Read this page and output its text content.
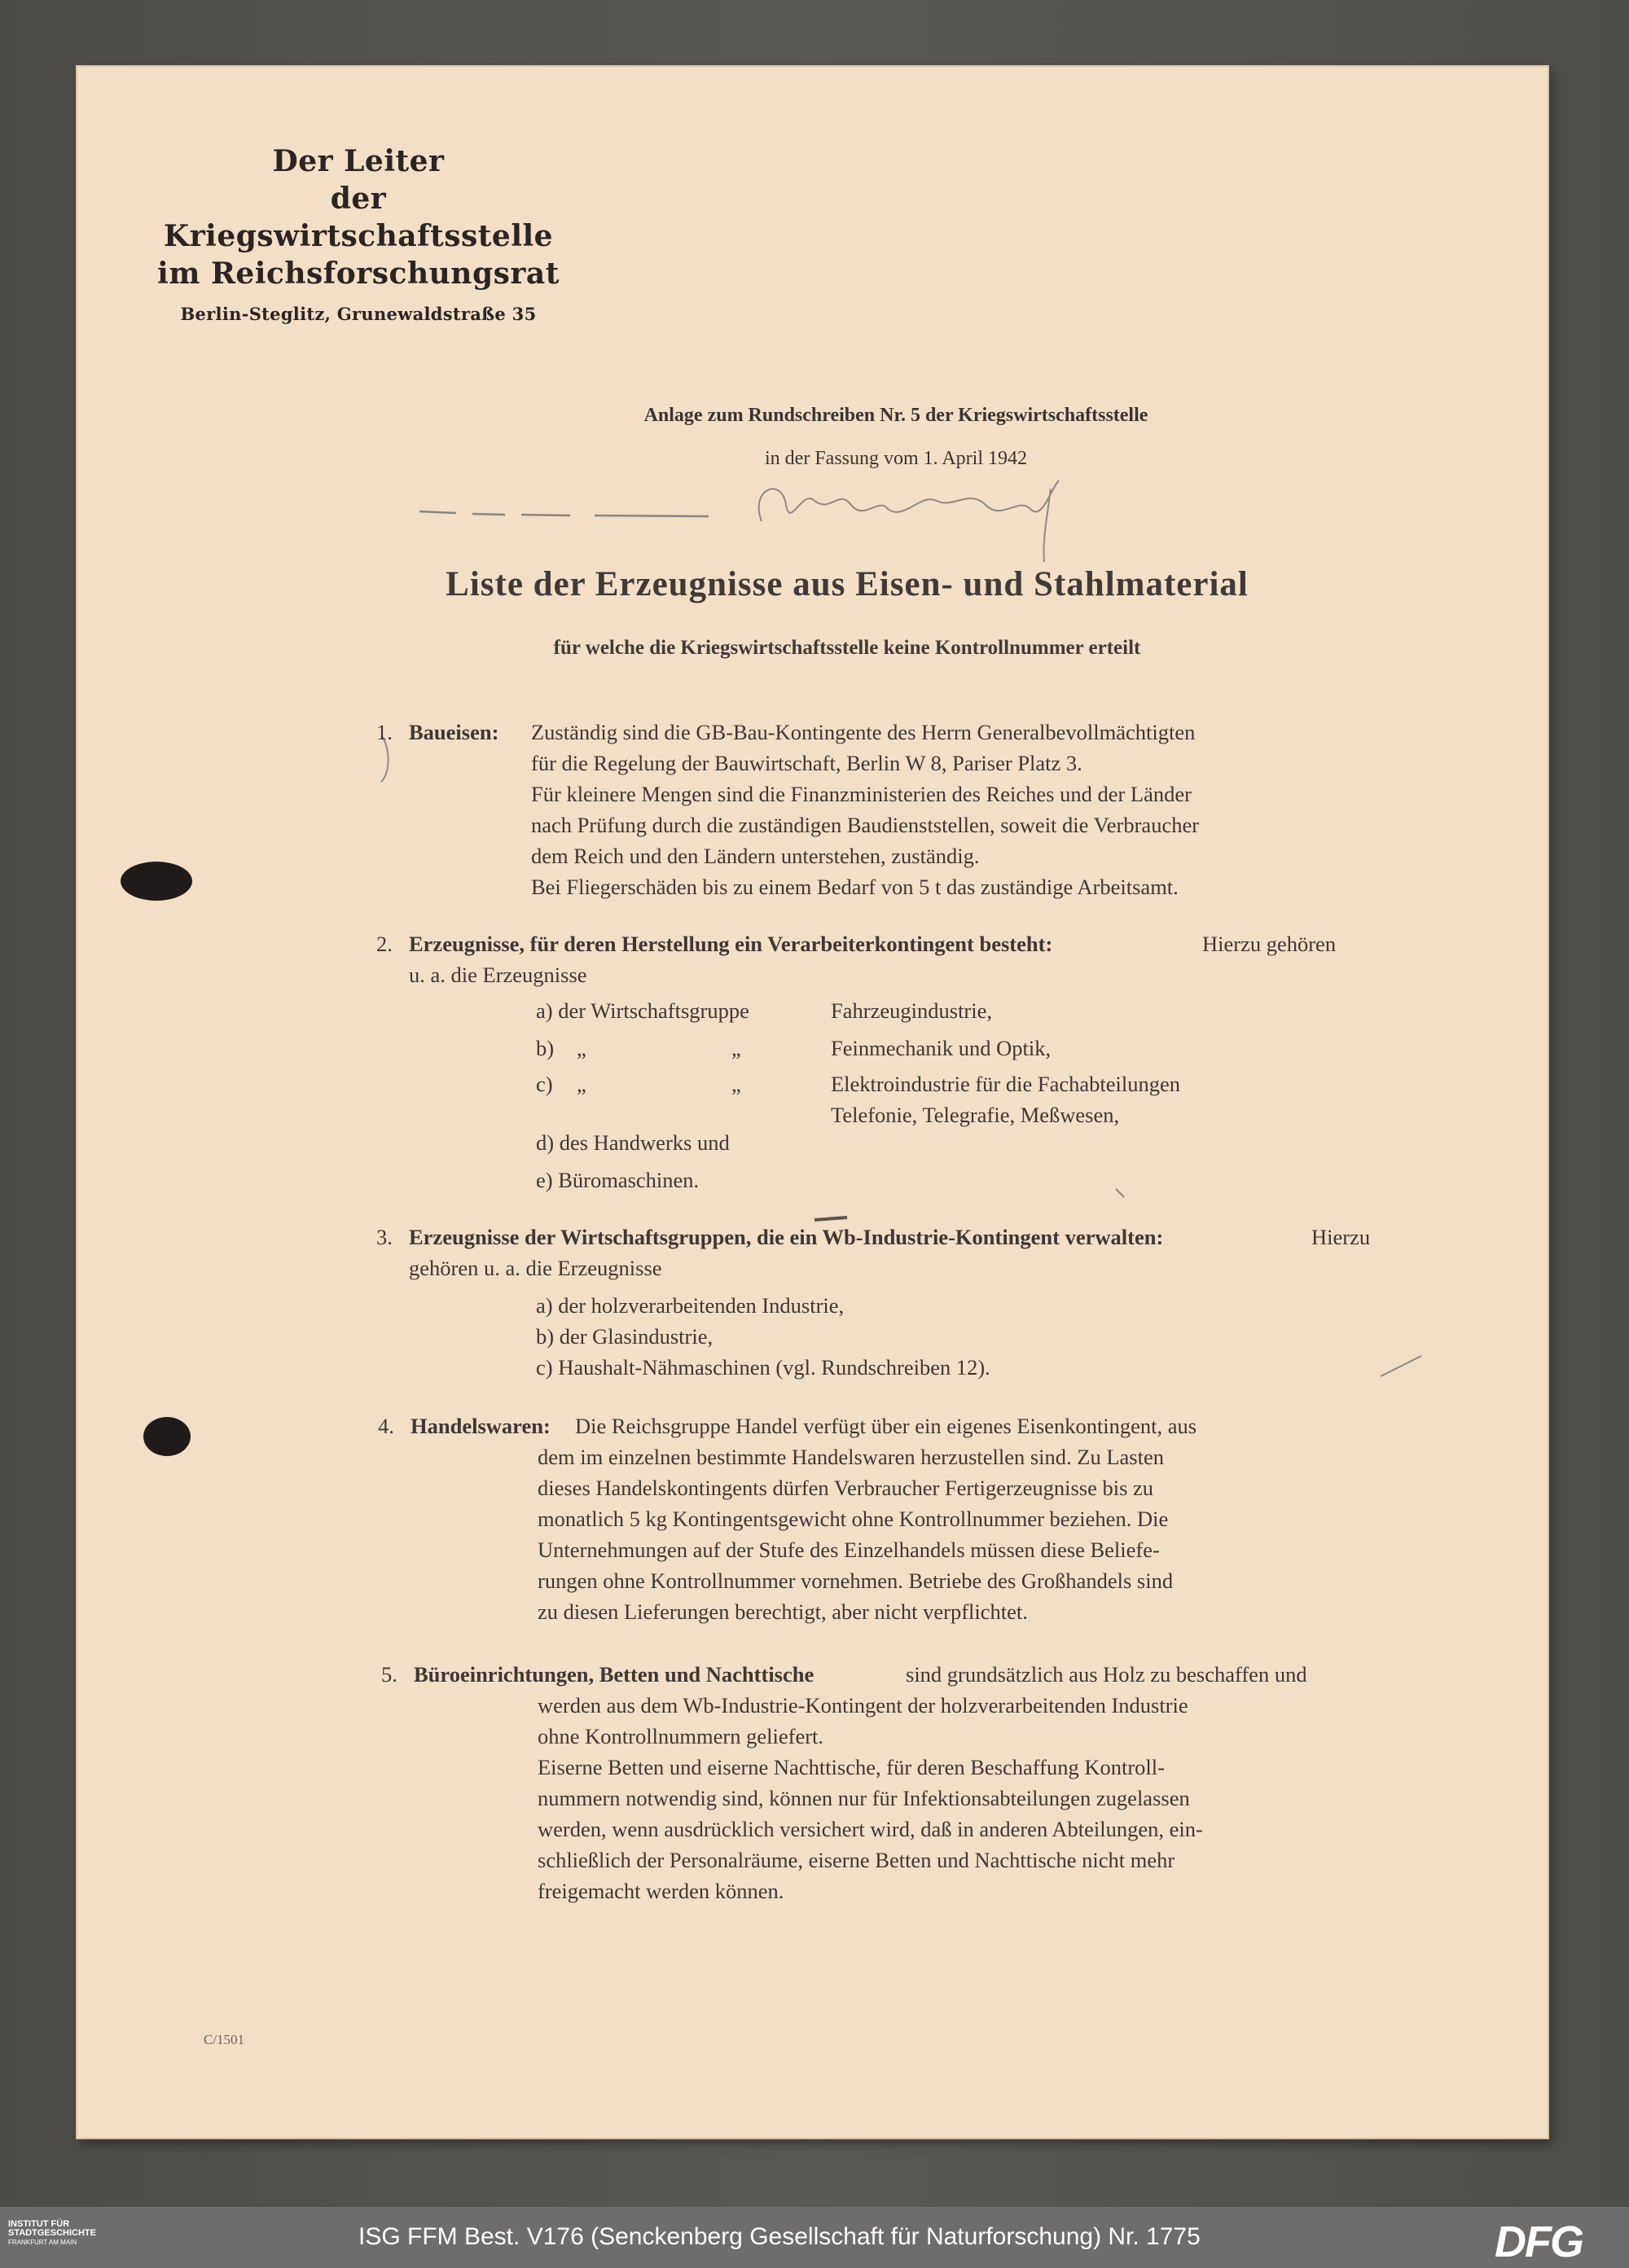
Der Leiter
der Kriegswirtschaftsstelle
im Reichsforschungsrat
Berlin-Steglitz, Grunewaldstraße 35
Anlage zum Rundschreiben Nr. 5 der Kriegswirtschaftsstelle
in der Fassung vom 1. April 1942
Liste der Erzeugnisse aus Eisen- und Stahlmaterial
für welche die Kriegswirtschaftsstelle keine Kontrollnummer erteilt
1. Baueisen: Zuständig sind die GB-Bau-Kontingente des Herrn Generalbevollmächtigten
für die Regelung der Bauwirtschaft, Berlin W 8, Pariser Platz 3.
Für kleinere Mengen sind die Finanzministerien des Reiches und der Länder
nach Prüfung durch die zuständigen Baudienststellen, soweit die Verbraucher
dem Reich und den Ländern unterstehen, zuständig.
Bei Fliegerschäden bis zu einem Bedarf von 5 t das zuständige Arbeitsamt.
2. Erzeugnisse, für deren Herstellung ein Verarbeiterkontingent besteht:	Hierzu gehören
u. a. die Erzeugnisse
a) der Wirtschaftsgruppe	Fahrzeugindustrie,
b) „	„	Feinmechanik und Optik,
c) „	„	Elektroindustrie für die Fachabteilungen
Telefonie, Telegrafie, Meßwesen,
d) des Handwerks und
e) Büromaschinen.
3. Erzeugnisse der Wirtschaftsgruppen, die ein Wb-Industrie-Kontingent verwalten:	Hierzu
gehören u. a. die Erzeugnisse
a) der holzverarbeitenden Industrie,
b) der Glasindustrie,
c) Haushalt-Nähmaschinen (vgl. Rundschreiben 12).
4. Handelswaren: Die Reichsgruppe Handel verfügt über ein eigenes Eisenkontingent, aus
dem im einzelnen bestimmte Handelswaren herzustellen sind. Zu Lasten
dieses Handelskontingents dürfen Verbraucher Fertigerzeugnisse bis zu
monatlich 5 kg Kontingentsgewicht ohne Kontrollnummer beziehen. Die
Unternehmungen auf der Stufe des Einzelhandels müssen diese Beliefe-
rungen ohne Kontrollnummer vornehmen. Betriebe des Großhandels sind
zu diesen Lieferungen berechtigt, aber nicht verpflichtet.
5. Büroeinrichtungen, Betten und Nachttische	sind grundsätzlich aus Holz zu beschaffen und
werden aus dem Wb-Industrie-Kontingent der holzverarbeitenden Industrie
ohne Kontrollnummern geliefert.
Eiserne Betten und eiserne Nachttische, für deren Beschaffung Kontroll-
nummern notwendig sind, können nur für Infektionsabteilungen zugelassen
werden, wenn ausdrücklich versichert wird, daß in anderen Abteilungen, ein-
schließlich der Personalräume, eiserne Betten und Nachttische nicht mehr
freigemacht werden können.
C/1501
INSTITUT FÜR
STADTGESCHICHTE
FRANKFURT AM MAIN	ISG FFM Best. V176 (Senckenberg Gesellschaft für Naturforschung) Nr. 1775	DFG
